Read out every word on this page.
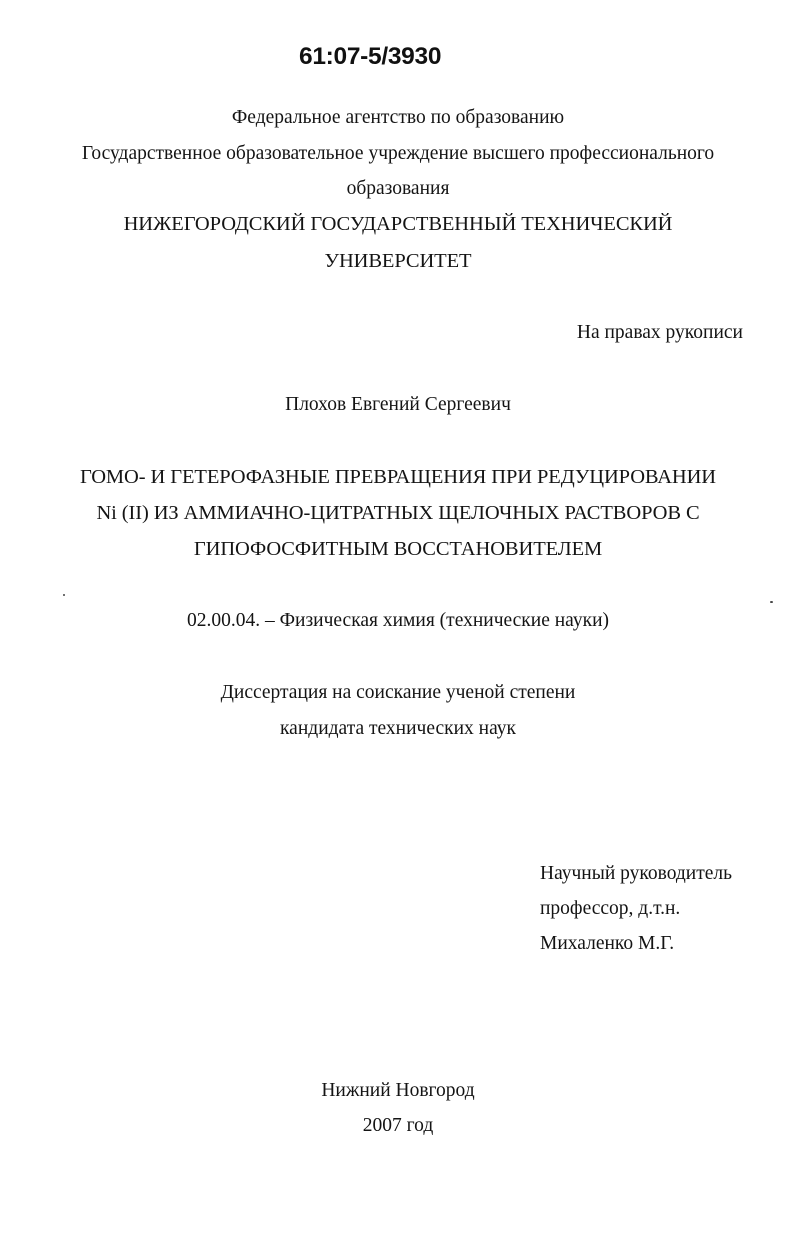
61:07-5/3930
Федеральное агентство по образованию
Государственное образовательное учреждение высшего профессионального
образования
НИЖЕГОРОДСКИЙ ГОСУДАРСТВЕННЫЙ ТЕХНИЧЕСКИЙ
УНИВЕРСИТЕТ
На правах рукописи
Плохов Евгений Сергеевич
ГОМО- И ГЕТЕРОФАЗНЫЕ ПРЕВРАЩЕНИЯ ПРИ РЕДУЦИРОВАНИИ
Ni (II) ИЗ АММИАЧНО-ЦИТРАТНЫХ ЩЕЛОЧНЫХ РАСТВОРОВ С
ГИПОФОСФИТНЫМ ВОССТАНОВИТЕЛЕМ
02.00.04. – Физическая химия (технические науки)
Диссертация на соискание ученой степени
кандидата технических наук
Научный руководитель
профессор, д.т.н.
Михаленко М.Г.
Нижний Новгород
2007 год
